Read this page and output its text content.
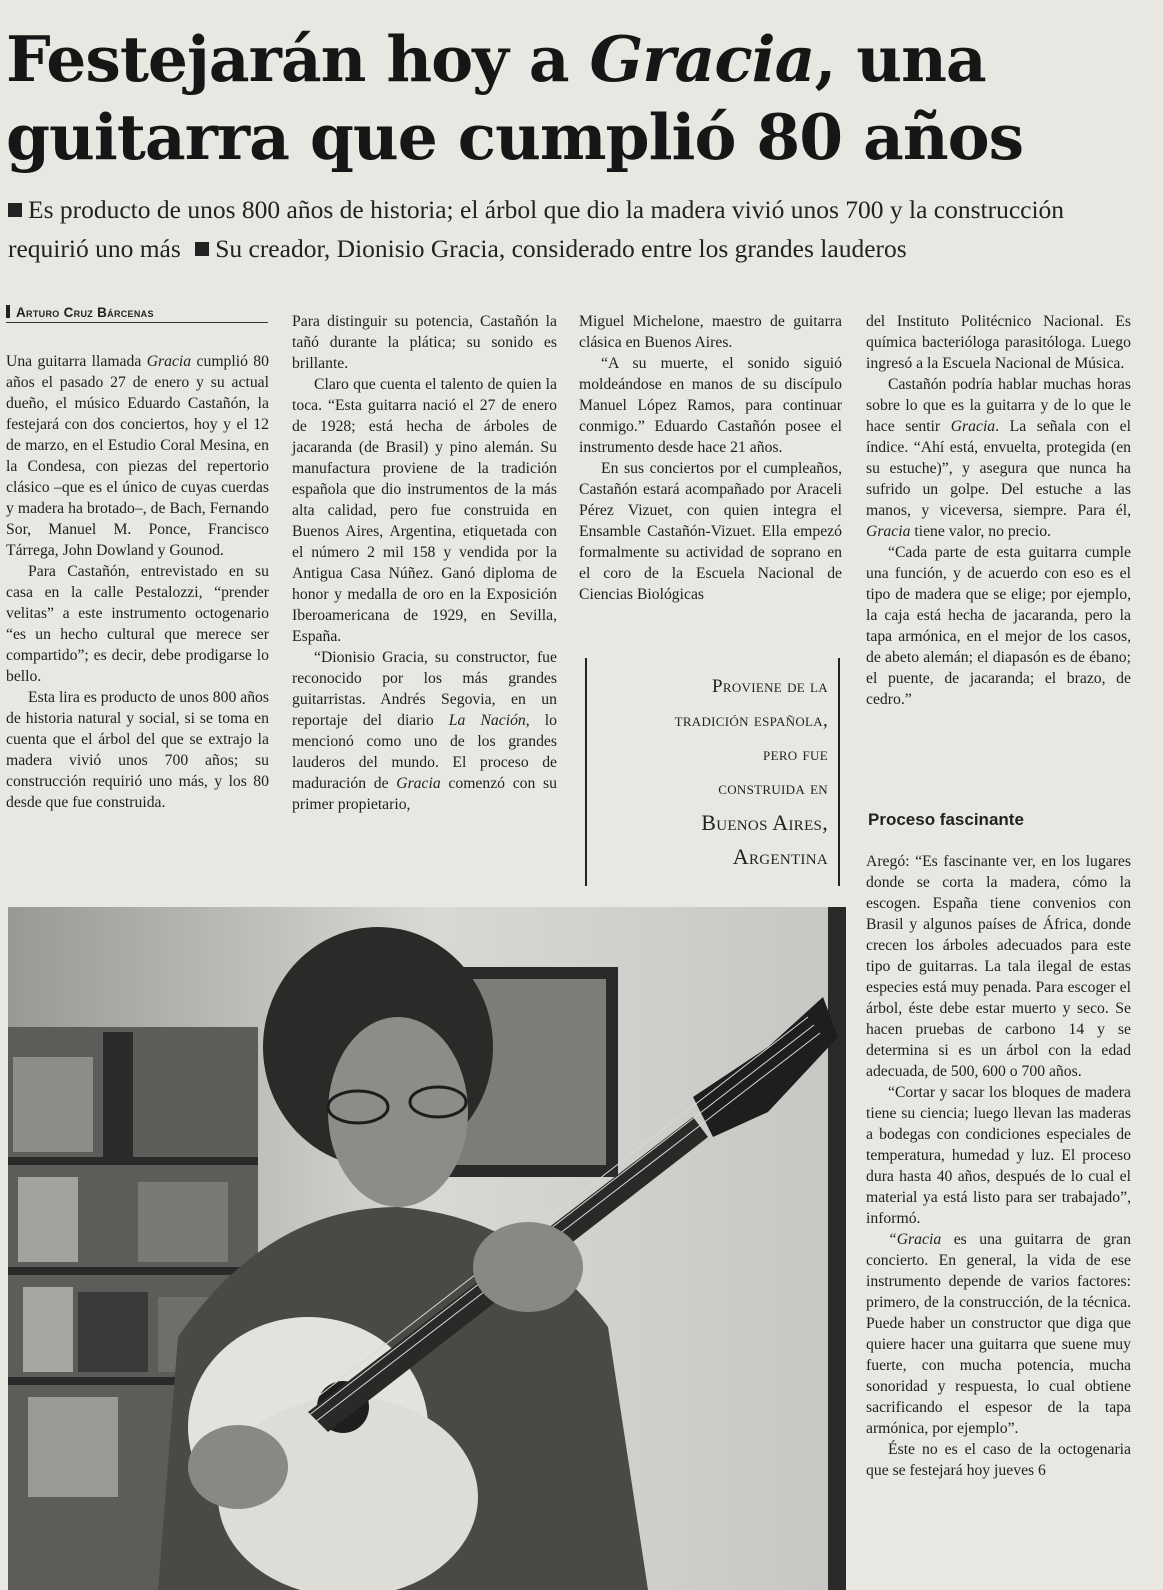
Festejarán hoy a Gracia, una
guitarra que cumplió 80 años
Es producto de unos 800 años de historia; el árbol que dio la madera vivió unos 700 y la construcción requirió uno más Su creador, Dionisio Gracia, considerado entre los grandes lauderos
Arturo Cruz Bárcenas

Una guitarra llamada Gracia cumplió 80 años el pasado 27 de enero y su actual dueño, el músico Eduardo Castañón, la festejará con dos conciertos, hoy y el 12 de marzo, en el Estudio Coral Mesina, en la Condesa, con piezas del repertorio clásico –que es el único de cuyas cuerdas y madera ha brotado–, de Bach, Fernando Sor, Manuel M. Ponce, Francisco Tárrega, John Dowland y Gounod.

Para Castañón, entrevistado en su casa en la calle Pestalozzi, “prender velitas” a este instrumento octogenario “es un hecho cultural que merece ser compartido”; es decir, debe prodigarse lo bello.

Esta lira es producto de unos 800 años de historia natural y social, si se toma en cuenta que el árbol del que se extrajo la madera vivió unos 700 años; su construcción requirió uno más, y los 80 desde que fue construida.

Para distinguir su potencia, Castañón la tañó durante la plática; su sonido es brillante.

Claro que cuenta el talento de quien la toca. “Esta guitarra nació el 27 de enero de 1928; está hecha de árboles de jacaranda (de Brasil) y pino alemán. Su manufactura proviene de la tradición española que dio instrumentos de la más alta calidad, pero fue construida en Buenos Aires, Argentina, etiquetada con el número 2 mil 158 y vendida por la Antigua Casa Núñez. Ganó diploma de honor y medalla de oro en la Exposición Iberoamericana de 1929, en Sevilla, España.

“Dionisio Gracia, su constructor, fue reconocido por los más grandes guitarristas. Andrés Segovia, en un reportaje del diario La Nación, lo mencionó como uno de los grandes lauderos del mundo. El proceso de maduración de Gracia comenzó con su primer propietario,

Miguel Michelone, maestro de guitarra clásica en Buenos Aires.

“A su muerte, el sonido siguió moldeándose en manos de su discípulo Manuel López Ramos, para continuar conmigo.” Eduardo Castañón posee el instrumento desde hace 21 años.

En sus conciertos por el cumpleaños, Castañón estará acompañado por Araceli Pérez Vizuet, con quien integra el Ensamble Castañón-Vizuet. Ella empezó formalmente su actividad de soprano en el coro de la Escuela Nacional de Ciencias Biológicas

Proviene de la
tradición española,
pero fue
construida en
Buenos Aires,
Argentina

del Instituto Politécnico Nacional. Es química bacterióloga parasitóloga. Luego ingresó a la Escuela Nacional de Música.

Castañón podría hablar muchas horas sobre lo que es la guitarra y de lo que le hace sentir Gracia. La señala con el índice. “Ahí está, envuelta, protegida (en su estuche)”, y asegura que nunca ha sufrido un golpe. Del estuche a las manos, y viceversa, siempre. Para él, Gracia tiene valor, no precio.

“Cada parte de esta guitarra cumple una función, y de acuerdo con eso es el tipo de madera que se elige; por ejemplo, la caja está hecha de jacaranda, pero la tapa armónica, en el mejor de los casos, de abeto alemán; el diapasón es de ébano; el puente, de jacaranda; el brazo, de cedro.”

Proceso fascinante

Aregó: “Es fascinante ver, en los lugares donde se corta la madera, cómo la escogen. España tiene convenios con Brasil y algunos países de África, donde crecen los árboles adecuados para este tipo de guitarras. La tala ilegal de estas especies está muy penada. Para escoger el árbol, éste debe estar muerto y seco. Se hacen pruebas de carbono 14 y se determina si es un árbol con la edad adecuada, de 500, 600 o 700 años.

“Cortar y sacar los bloques de madera tiene su ciencia; luego llevan las maderas a bodegas con condiciones especiales de temperatura, humedad y luz. El proceso dura hasta 40 años, después de lo cual el material ya está listo para ser trabajado”, informó.

“Gracia es una guitarra de gran concierto. En general, la vida de ese instrumento depende de varios factores: primero, de la construcción, de la técnica. Puede haber un constructor que diga que quiere hacer una guitarra que suene muy fuerte, con mucha potencia, mucha sonoridad y respuesta, lo cual obtiene sacrificando el espesor de la tapa armónica, por ejemplo”.

Éste no es el caso de la octogenaria que se festejará hoy jueves 6
